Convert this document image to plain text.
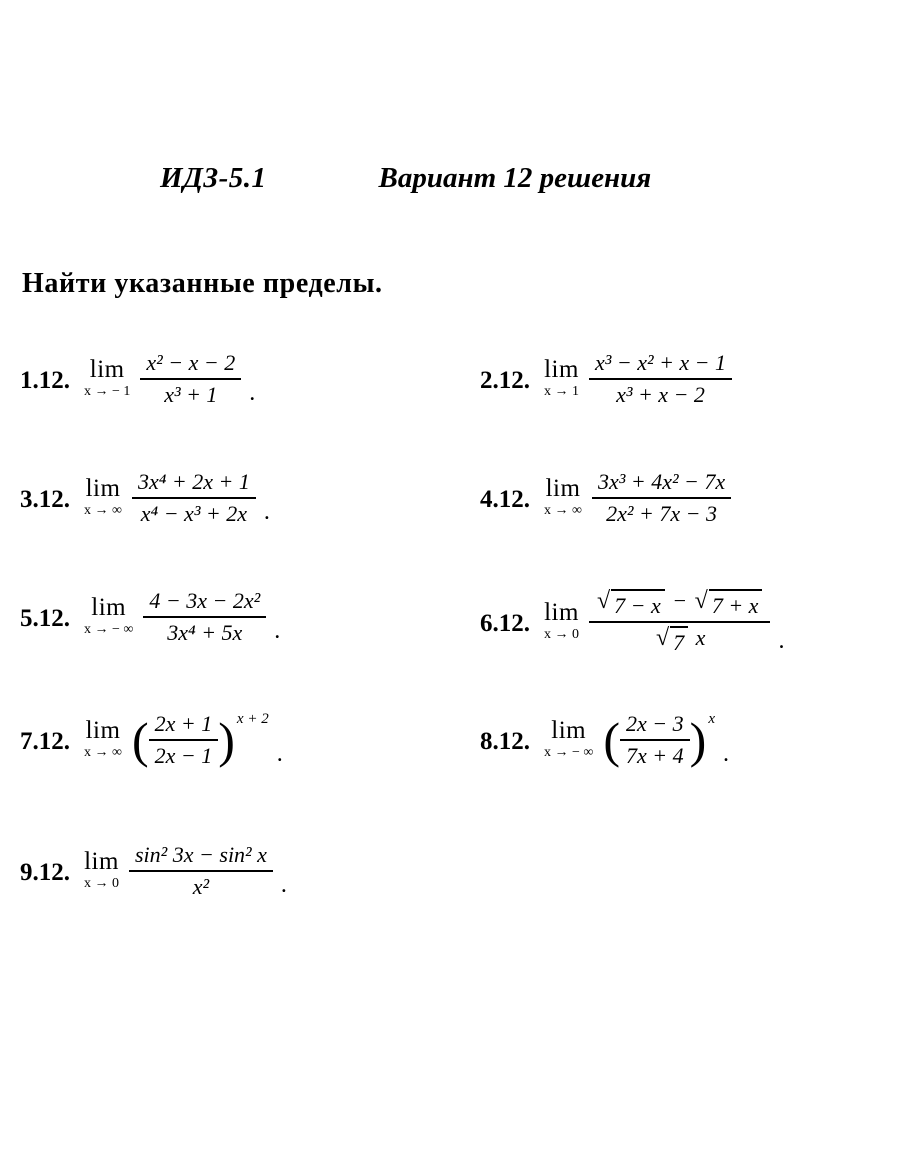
ИДЗ-5.1	Вариант 12 решения
Найти указанные пределы.
1.12. lim
x → − $1 \frac{\text{x² − x − 2}}{\text{x³ + 1}}$ .	2.12. lim
$x \to 1 \frac{\text{x³ − x² + x − 1}}{\text{x³ + x − 2}}$
3.12. lim
x → ∞ $\frac{\text{3x⁴ + 2x + 1}}{\text{x⁴ − x³ + 2x}}$ .	4.12. lim
x → ∞ $\frac{\text{3x³ + 4x² − 7x}}{\text{2x² + 7x − 3}}$
5.12. lim
x → − ∞ $\frac{\text{4 − 3x − 2x²}}{\text{3x⁴ + 5x}}$ .	6.12. lim
x → 0
√ 7 − x − √ 7 + x
√ 7 x	.
7.12. lim
x → ∞ ( $\frac{2x + 1}{2x - 1}$ ) x + 2
.	8.12. lim
x → − ∞ ( $\frac{2x - 3}{7x + 4}$ ) x
.
9.12. lim
$x \to 0 \frac{\text{sin² 3x − sin² x}}{\text{x²}}$ .
